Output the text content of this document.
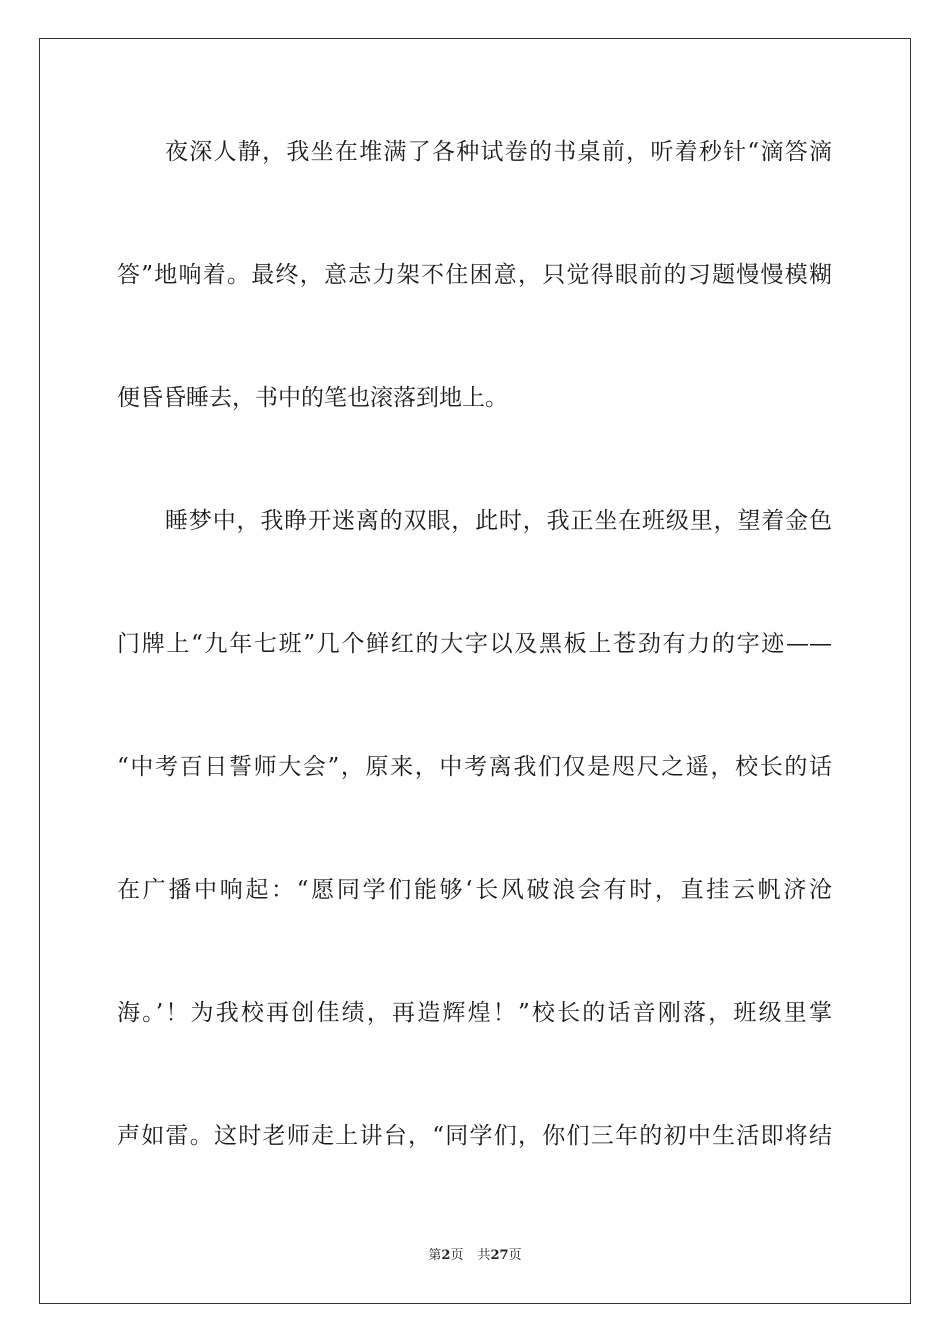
夜深人静，我坐在堆满了各种试卷的书桌前，听着秒针“滴答滴
答”地响着。最终，意志力架不住困意，只觉得眼前的习题慢慢模糊
便昏昏睡去，书中的笔也滚落到地上。
睡梦中，我睁开迷离的双眼，此时，我正坐在班级里，望着金色
门牌上“九年七班”几个鲜红的大字以及黑板上苍劲有力的字迹——
“中考百日誓师大会”，原来，中考离我们仅是咫尺之遥，校长的话
在广播中响起：“愿同学们能够‘长风破浪会有时，直挂云帆济沧
海。’！为我校再创佳绩，再造辉煌！”校长的话音刚落，班级里掌
声如雷。这时老师走上讲台，“同学们，你们三年的初中生活即将结
第2页 共27页
